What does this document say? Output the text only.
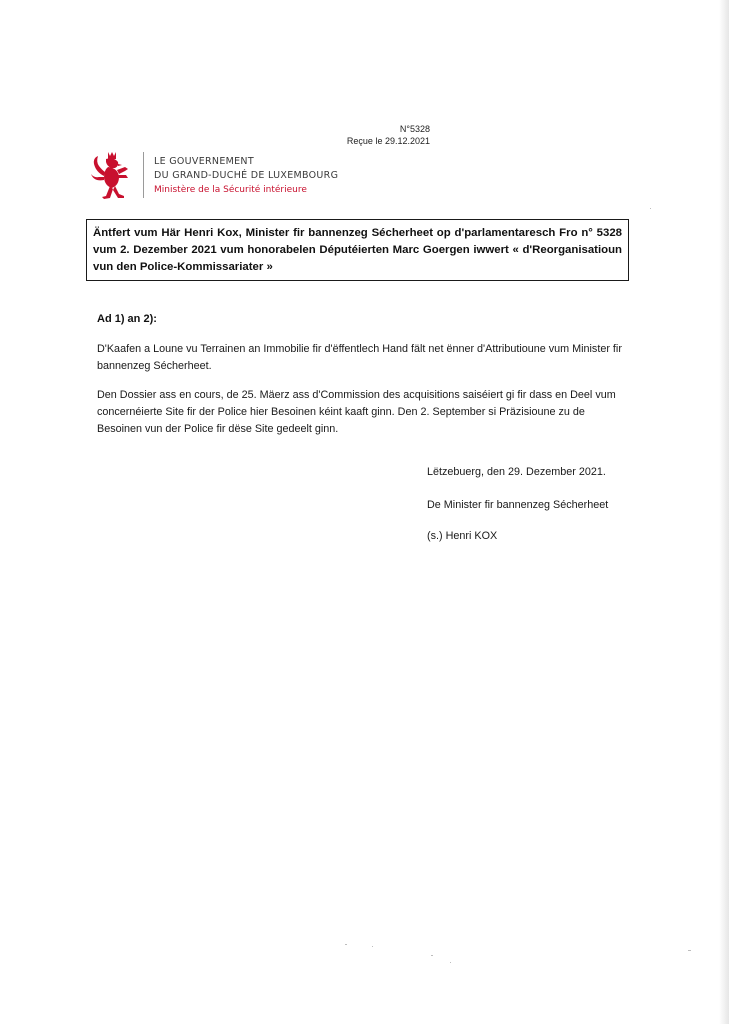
N°5328
Reçue le 29.12.2021
LE GOUVERNEMENT
DU GRAND-DUCHÉ DE LUXEMBOURG
Ministère de la Sécurité intérieure
Äntfert vum Här Henri Kox, Minister fir bannenzeg Sécherheet op d'parlamentaresch Fro n° 5328 vum 2. Dezember 2021 vum honorabelen Députéierten Marc Goergen iwwert « d'Reorganisatioun vun den Police-Kommissariater »
Ad 1) an 2):
D'Kaafen a Loune vu Terrainen an Immobilie fir d'ëffentlech Hand fält net ënner d'Attributioune vum Minister fir bannenzeg Sécherheet.
Den Dossier ass en cours, de 25. Mäerz ass d'Commission des acquisitions saiséiert gi fir dass en Deel vum concernéierte Site fir der Police hier Besoinen kéint kaaft ginn. Den 2. September si Präzisioune zu de Besoinen vun der Police fir dëse Site gedeelt ginn.
Lëtzebuerg, den 29. Dezember 2021.
De Minister fir bannenzeg Sécherheet
(s.) Henri KOX
